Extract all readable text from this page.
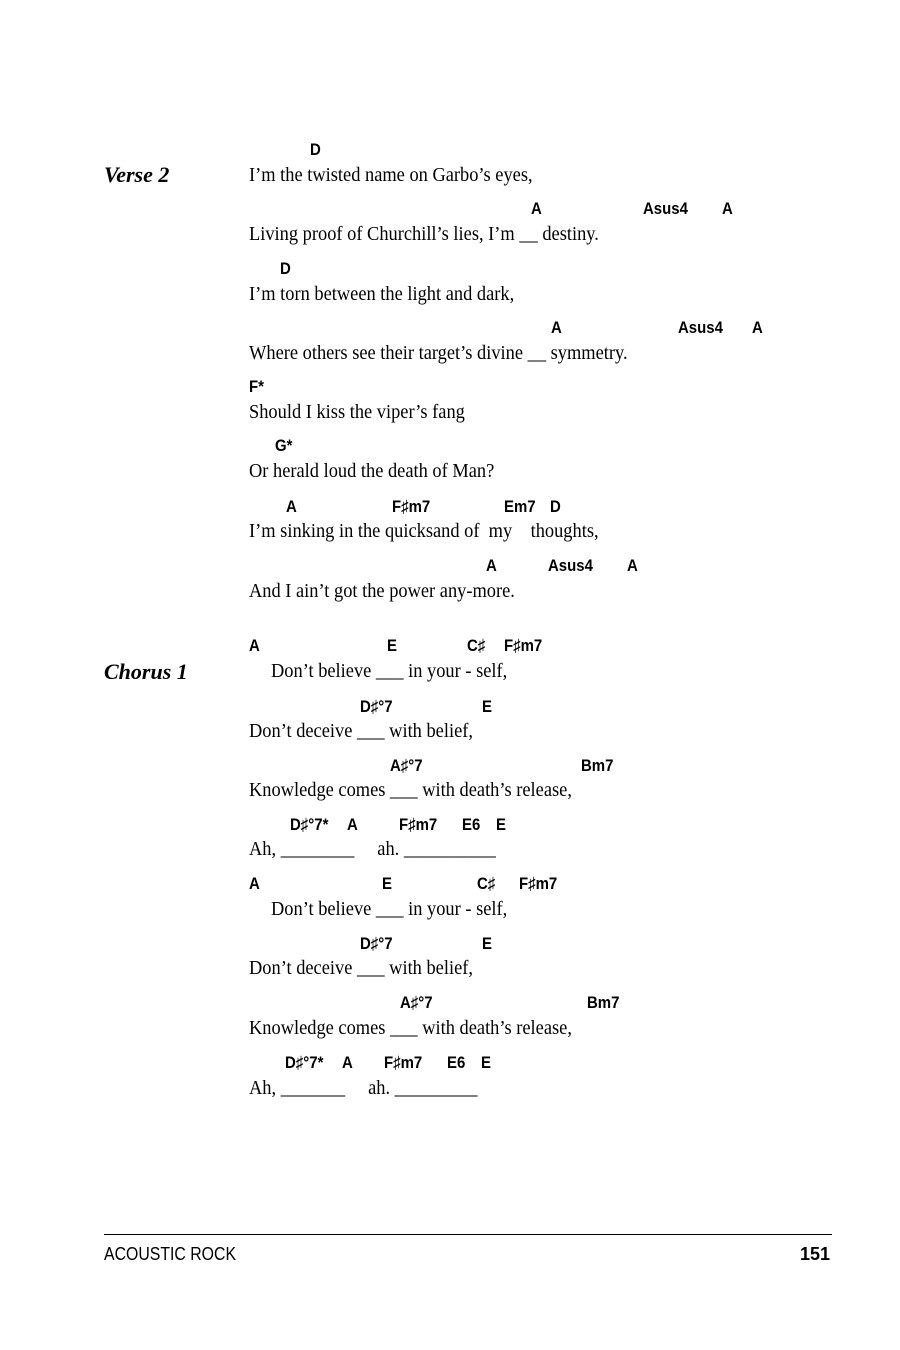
Verse 2
D
I’m the twisted name on Garbo’s eyes,
A	Asus4 A
Living proof of Churchill’s lies, I’m __ destiny.
D
I’m torn between the light and dark,
A	Asus4 A
Where others see their target’s divine __ symmetry.
F*
Should I kiss the viper’s fang
G*
Or herald loud the death of Man?
A	F♯m7	Em7 D
I’m sinking in the quicksand of  my    thoughts,
A	Asus4 A
And I ain’t got the power any-more.
Chorus 1
A	E	C♯ F♯m7
Don’t believe ___ in your - self,
D♯°7	E
Don’t deceive ___ with belief,
A♯°7	Bm7
Knowledge comes ___ with death’s release,
D♯°7* A F♯m7 E6 E
Ah, ________     ah. __________
A	E	C♯ F♯m7
Don’t believe ___ in your - self,
D♯°7	E
Don’t deceive ___ with belief,
A♯°7	Bm7
Knowledge comes ___ with death’s release,
D♯°7* A F♯m7 E6 E
Ah, _______     ah. _________
ACOUSTIC ROCK	151
